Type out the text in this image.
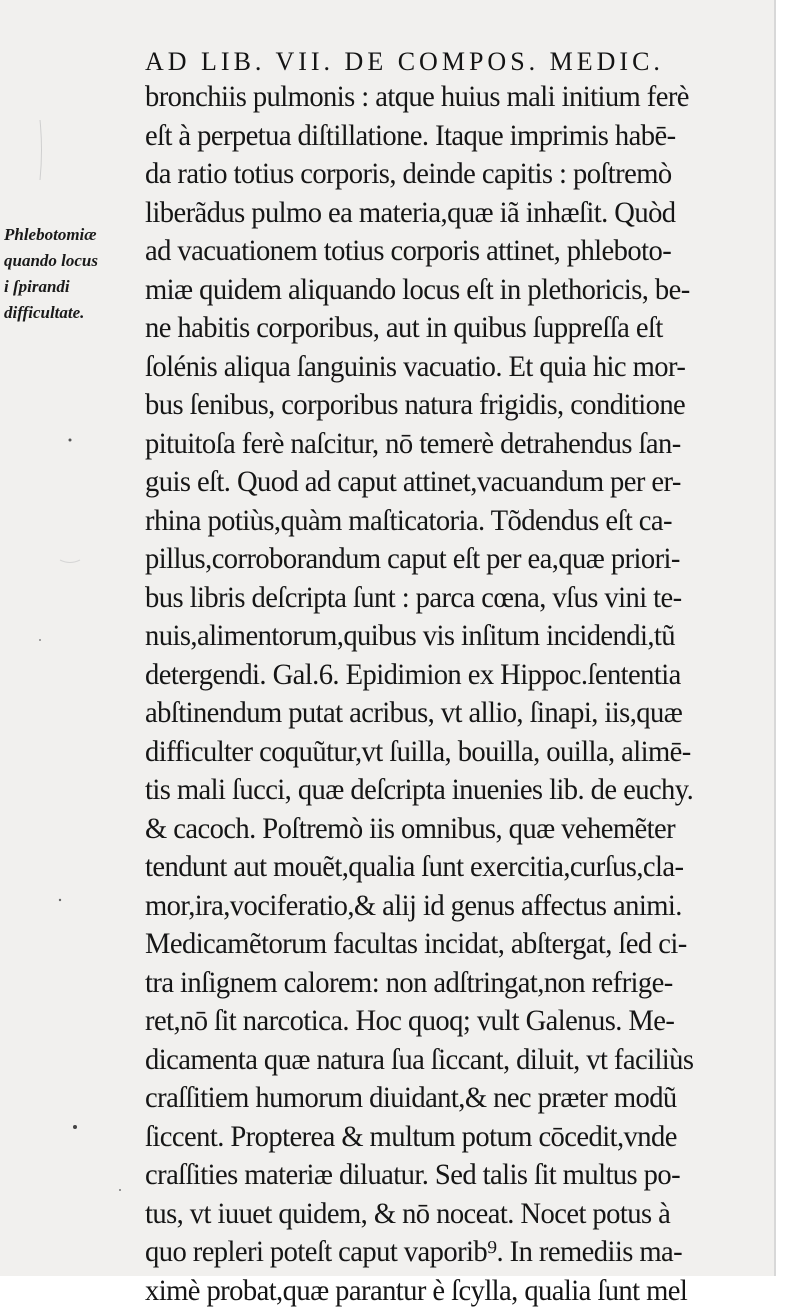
AD LIB. VII. DE COMPOS. MEDIC.
Phlebotomiæ
quando locus
i ſpirandi
difficultate.
bronchiis pulmonis : atque huius mali initium ferè
eſt à perpetua diſtillatione. Itaque imprimis habē-
da ratio totius corporis, deinde capitis : poſtremò
liberãdus pulmo ea materia,quæ iã inhæſit. Quòd
ad vacuationem totius corporis attinet, phleboto-
miæ quidem aliquando locus eſt in plethoricis, be-
ne habitis corporibus, aut in quibus ſuppreſſa eſt
ſolénis aliqua ſanguinis vacuatio. Et quia hic mor-
bus ſenibus, corporibus natura frigidis, conditione
pituitoſa ferè naſcitur, nō temerè detrahendus ſan-
guis eſt. Quod ad caput attinet,vacuandum per er-
rhina potiùs,quàm maſticatoria. Tõdendus eſt ca-
pillus,corroborandum caput eſt per ea,quæ priori-
bus libris deſcripta ſunt : parca cœna, vſus vini te-
nuis,alimentorum,quibus vis inſitum incidendi,tũ
detergendi. Gal.6. Epidimion ex Hippoc.ſententia
abſtinendum putat acribus, vt allio, ſinapi, iis,quæ
difficulter coquũtur,vt ſuilla, bouilla, ouilla, alimē-
tis mali ſucci, quæ deſcripta inuenies lib. de euchy.
& cacoch. Poſtremò iis omnibus, quæ vehemẽter
tendunt aut mouẽt,qualia ſunt exercitia,curſus,cla-
mor,ira,vociferatio,& alij id genus affectus animi.
Medicamẽtorum facultas incidat, abſtergat, ſed ci-
tra inſignem calorem: non adſtringat,non refrige-
ret,nō ſit narcotica. Hoc quoq; vult Galenus. Me-
dicamenta quæ natura ſua ſiccant, diluit, vt faciliùs
craſſitiem humorum diuidant,& nec præter modũ
ſiccent. Propterea & multum potum cōcedit,vnde
craſſities materiæ diluatur. Sed talis ſit multus po-
tus, vt iuuet quidem, & nō noceat. Nocet potus à
quo repleri poteſt caput vaporib⁹. In remediis ma-
ximè probat,quæ parantur è ſcylla, qualia ſunt mel
